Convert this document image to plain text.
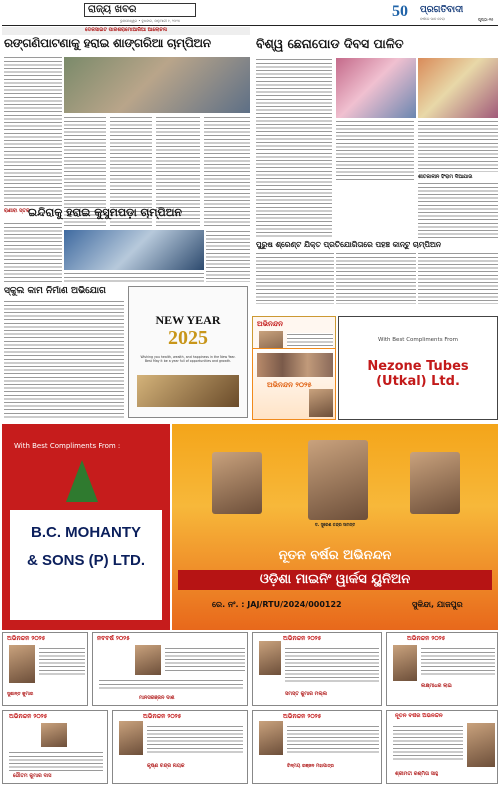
ରାଜ୍ୟ ଖବର
ଭୁବନେଶ୍ୱର • ବୁଧବାର, ଜାନୁଆରୀ ୧, ୨୦୨୫
50	ପ୍ରଗତିବାଦୀ
ବର୍ଷରେ ପାଦ ଦେଲା	ପୃଷ୍ଠା-୧୫
ଡେକସାଇଟ ପାରଶରାମୋଆରିଆ ଆଲୋଚନା
ରଙ୍ଗଣିପାଟଣାକୁ ହରାଇ ଶାଙ୍ଗରିଆ ଚାମ୍ପିଅନ	ବିଶ୍ୱ ଛେନାପୋଡ ଦିବସ ପାଳିତ
ଶୀତକାଳୀନ ହିଂରାମ ଦିଆଯାଉ
ରାଣୀବା ସ୍ତର
ଇନ୍ଦିରାକୁ ହରାଇ କୁସୁମପଡ଼ା ଚାମ୍ପିଅନ
ପୁରୁଷ ଶ୍ରେଣ୍ଟ ଯିକ୍ତ ପ୍ରତିଯୋଗିତାରେ ପହଞ୍ଚ କାନ୍ଟୁ ଚାମ୍ପିଅନ
ସ୍କୁଲ କାମ ନିର୍ମାଣ ଅଭିଯୋଗ
NEW YEAR
2025
Wishing you health, wealth, and happiness in the New Year. Best May it be a year full of opportunities and growth.
ଅଭିନନ୍ଦନ
ଅଭିନନ୍ଦନ ୨୦୨୫
With Best Compliments From
Nezone Tubes (Utkal) Ltd.
With Best Compliments From :
B.C. MOHANTY
& SONS (P) LTD.
ଡ. ସୁରେଶ ଚନ୍ଦ୍ର ସାମନ୍ତ
ନୂତନ ବର୍ଷର ଅଭିନନ୍ଦନ
ଓଡ଼ିଶା ମାଇନିଂ ୱାର୍କସ ୟୁନିଅନ
ରେ. ନଂ. : JAJ/RTU/2024/000122	ସୁକିନ୍ଦା, ଯାଜପୁର
ଅଭିନନ୍ଦନ ୨୦୨୫
ସୁଶାନ୍ତ କୁମାର
ନବବର୍ଷ ୨୦୨୫
ମାନସରଞ୍ଜନ ଦାଶ
ଅଭିନନ୍ଦନ ୨୦୨୫
ସମସ୍ତ କୁମାର ମଲ୍ଲ
ଅଭିନନ୍ଦନ ୨୦୨୫
ଲକ୍ଷ୍ମୀଧର ଲାଇ
ଅଭିନନ୍ଦନ ୨୦୨୫
ଗୌତମ କୁମାର ଦାସ
ଅଭିନନ୍ଦନ ୨୦୨୫
କୃଷ୍ଣ ଚନ୍ଦ୍ର ନାୟକ
ଅଭିନନ୍ଦନ ୨୦୨୫
ଚିନ୍ମୟ ରଞ୍ଜନ ମହାପାତ୍ର
ନୂତନ ବର୍ଷର ଅଭିନନ୍ଦନ
ଶ୍ରୀମତୀ ରଶ୍ମିତା ସାହୁ
